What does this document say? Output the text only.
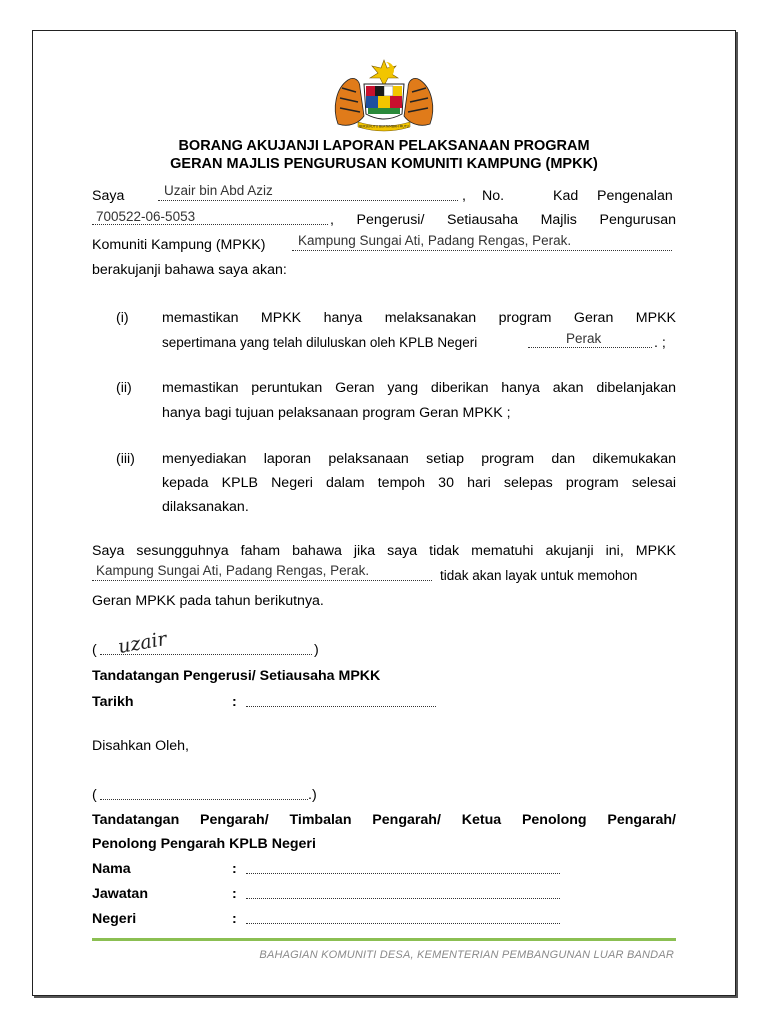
BERSEKUTU BERTAMBAH MUTU
BORANG AKUJANJI LAPORAN PELAKSANAAN PROGRAM
GERAN MAJLIS PENGURUSAN KOMUNITI KAMPUNG (MPKK)
Saya	Uzair bin Abd Aziz	, No.	Kad Pengenalan
700522-06-5053	, Pengerusi/ Setiausaha Majlis Pengurusan
Komuniti Kampung (MPKK) Kampung Sungai Ati, Padang Rengas, Perak.
berakujanji bahawa saya akan:
(i) memastikan MPKK hanya melaksanakan program Geran MPKK
sepertimana yang telah diluluskan oleh KPLB Negeri	Perak	. ;
(ii) memastikan peruntukan Geran yang diberikan hanya akan dibelanjakan
hanya bagi tujuan pelaksanaan program Geran MPKK ;
(iii) menyediakan laporan pelaksanaan setiap program dan dikemukakan
kepada KPLB Negeri dalam tempoh 30 hari selepas program selesai
dilaksanakan.
Saya sesungguhnya faham bahawa jika saya tidak mematuhi akujanji ini, MPKK
Kampung Sungai Ati, Padang Rengas, Perak.	tidak akan layak untuk memohon
Geran MPKK pada tahun berikutnya.
( uzair	)
Tandatangan Pengerusi/ Setiausaha MPKK
Tarikh	:
Disahkan Oleh,
(	.)
Tandatangan Pengarah/ Timbalan Pengarah/ Ketua Penolong Pengarah/
Penolong Pengarah KPLB Negeri
Nama	:
Jawatan	:
Negeri	:
BAHAGIAN KOMUNITI DESA, KEMENTERIAN PEMBANGUNAN LUAR BANDAR
